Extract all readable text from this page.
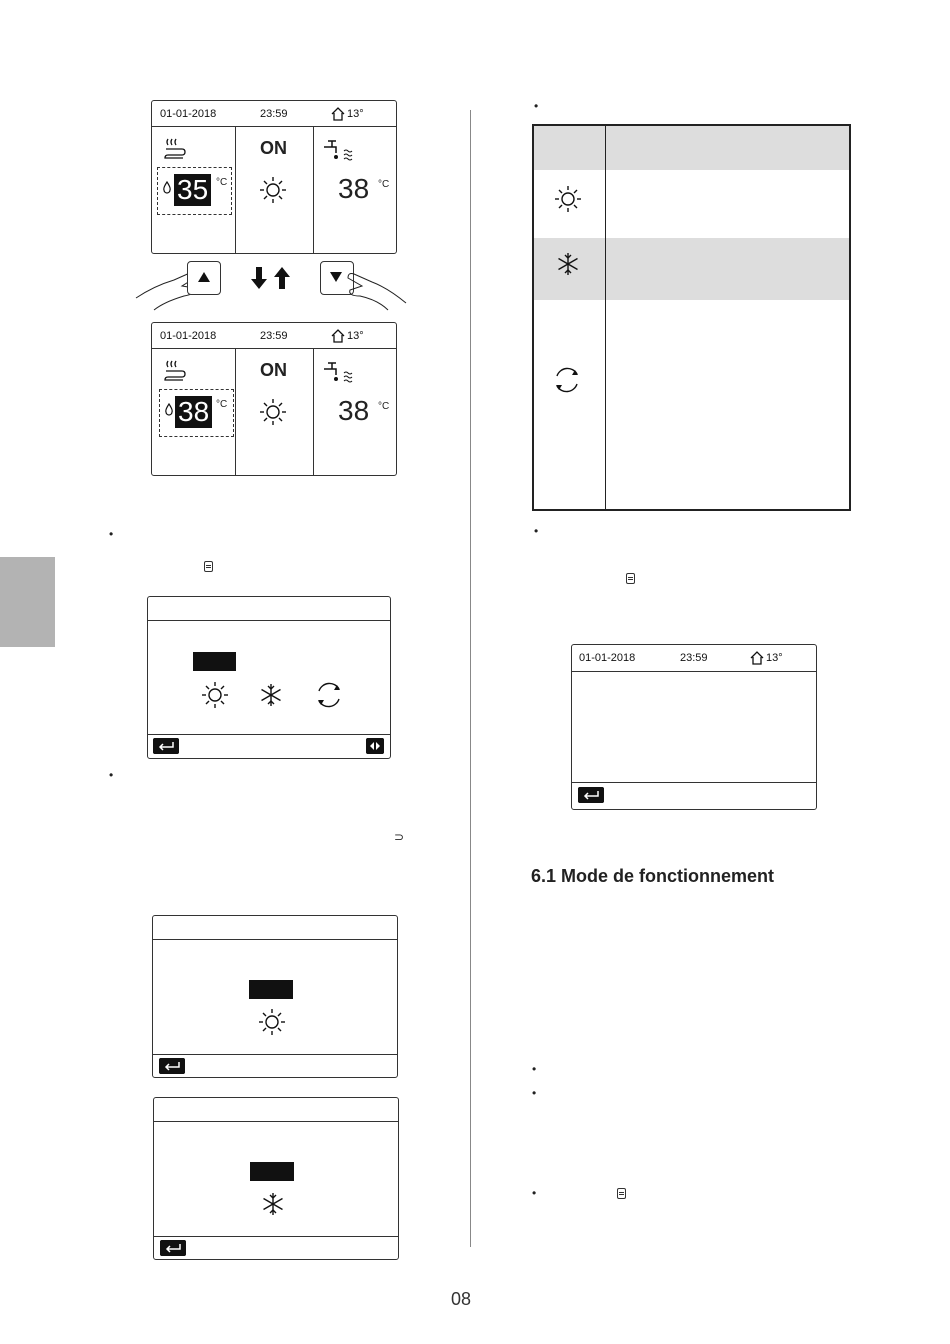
01-01-2018	23:59	13°
35 °C
ON
38 °C
01-01-2018	23:59	13°
38 °C
ON
38 °C
•
•
⊃
•
•
01-01-2018	23:59	13°
6.1 Mode de fonctionnement
•
•
•
08
